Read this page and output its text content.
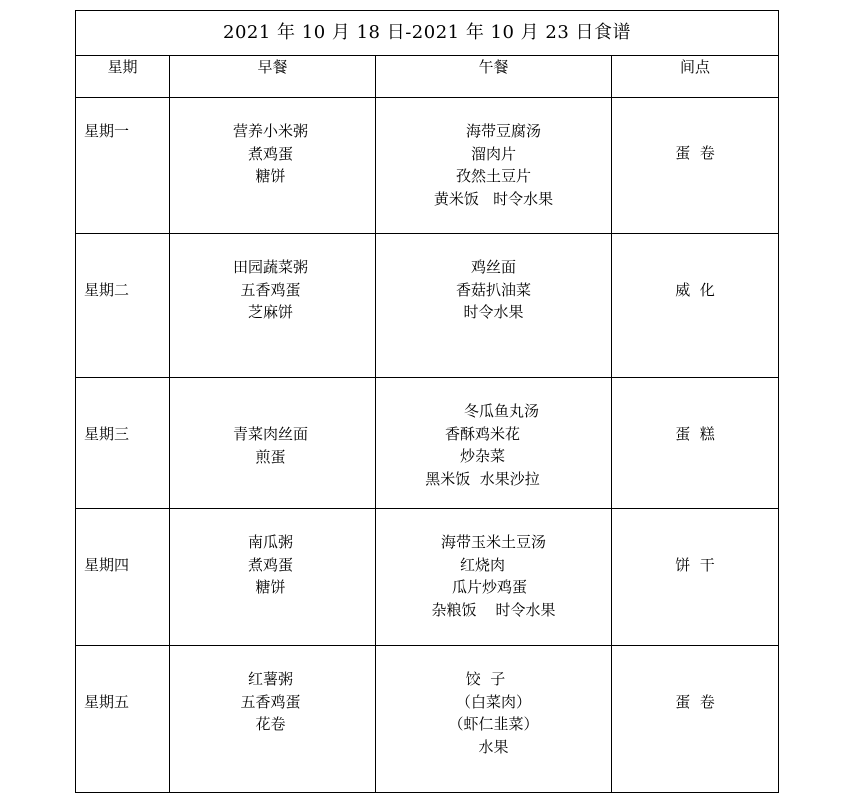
2021 年 10 月 18 日-2021 年 10 月 23 日食谱			
星期	早餐	午餐	间点

星期一	营养小米粥
煮鸡蛋
糖饼	海带豆腐汤
溜肉片
孜然土豆片
黄米饭   时令水果	蛋  卷

星期二	田园蔬菜粥
五香鸡蛋
芝麻饼	鸡丝面
香菇扒油菜
时令水果	威  化

星期三	青菜肉丝面
煎蛋	冬瓜鱼丸汤
香酥鸡米花
炒杂菜
黑米饭  水果沙拉	蛋  糕

星期四	南瓜粥
煮鸡蛋
糖饼	海带玉米土豆汤
红烧肉
瓜片炒鸡蛋
杂粮饭    时令水果	饼  干

星期五	红薯粥
五香鸡蛋
花卷	饺  子
（白菜肉）
（虾仁韭菜）
水果	蛋  卷
